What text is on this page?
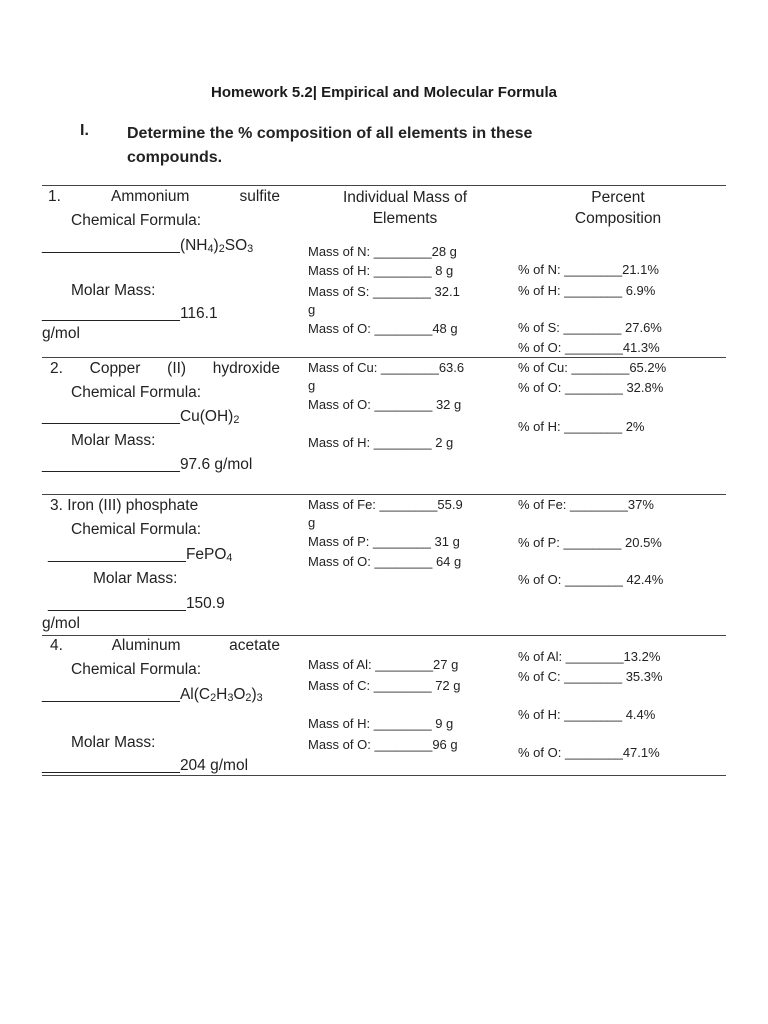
Homework 5.2| Empirical and Molecular Formula
I. Determine the % composition of all elements in these compounds.
Individual Mass of Elements
Percent Composition
1.	Ammonium	sulfite
Chemical Formula:
$\_\_\_\_\_\_\_\_\_\_\_\_\_\_\_\_(NH_4)_2SO_3$
Molar Mass:
________________116.1
g/mol
Mass of N: ________28 g
Mass of H: ________ 8 g
Mass of S: ________ 32.1
g
Mass of O: ________48 g
% of N: ________21.1%
% of H: ________ 6.9%
% of S: ________ 27.6%
% of O: ________41.3%
2. Copper (II) hydroxide
Chemical Formula:
$\_\_\_\_\_\_\_\_\_\_\_\_\_\_\_\_Cu(OH)_2$
Molar Mass:
________________97.6 g/mol
Mass of Cu: ________63.6
g
Mass of O: ________ 32 g
Mass of H: ________ 2 g
% of Cu: ________65.2%
% of O: ________ 32.8%
% of H: ________ 2%
3. Iron (III) phosphate
Chemical Formula:
________________FePO$_4$
Molar Mass:
________________150.9
g/mol
Mass of Fe: ________55.9
g
Mass of P: ________ 31 g
Mass of O: ________ 64 g
% of Fe: ________37%
% of P: ________ 20.5%
% of O: ________ 42.4%
4.	Aluminum	acetate
Chemical Formula:
$\_\_\_\_\_\_\_\_\_\_\_\_\_\_\_\_Al(C_2H_3O_2)_3$
Molar Mass:
________________204 g/mol
Mass of Al: ________27 g
Mass of C: ________ 72 g
Mass of H: ________ 9 g
Mass of O: ________96 g
% of Al: ________13.2%
% of C: ________ 35.3%
% of H: ________ 4.4%
% of O: ________47.1%
